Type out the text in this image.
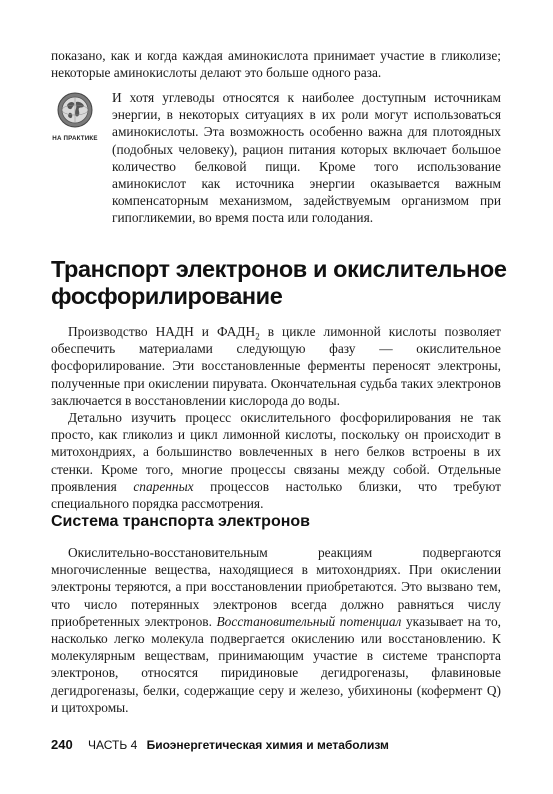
показано, как и когда каждая аминокислота принимает участие в гликолизе; некоторые аминокислоты делают это больше одного раза.

НА ПРАКТИКЕ

И хотя углеводы относятся к наиболее доступным источникам энергии, в некоторых ситуациях в их роли могут использоваться аминокислоты. Эта возможность особенно важна для плотоядных (подобных человеку), рацион питания которых включает большое количество белковой пищи. Кроме того использование аминокислот как источника энергии оказывается важным компенсаторным механизмом, задействуемым организмом при гипогликемии, во время поста или голодания.

Транспорт электронов и окислительное фосфорилирование

Производство НАДН и $ФАДН_2$ в цикле лимонной кислоты позволяет обеспечить материалами следующую фазу — окислительное фосфорилирование. Эти восстановленные ферменты переносят электроны, полученные при окислении пирувата. Окончательная судьба таких электронов заключается в восстановлении кислорода до воды.

Детально изучить процесс окислительного фосфорилирования не так просто, как гликолиз и цикл лимонной кислоты, поскольку он происходит в митохондриях, а большинство вовлеченных в него белков встроены в их стенки. Кроме того, многие процессы связаны между собой. Отдельные проявления спаренных процессов настолько близки, что требуют специального порядка рассмотрения.

Система транспорта электронов

Окислительно-восстановительным реакциям подвергаются многочисленные вещества, находящиеся в митохондриях. При окислении электроны теряются, а при восстановлении приобретаются. Это вызвано тем, что число потерянных электронов всегда должно равняться числу приобретенных электронов. Восстановительный потенциал указывает на то, насколько легко молекула подвергается окислению или восстановлению. К молекулярным веществам, принимающим участие в системе транспорта электронов, относятся пиридиновые дегидрогеназы, флавиновые дегидрогеназы, белки, содержащие серу и железо, убихиноны (кофермент Q) и цитохромы.

240 ЧАСТЬ 4 Биоэнергетическая химия и метаболизм
